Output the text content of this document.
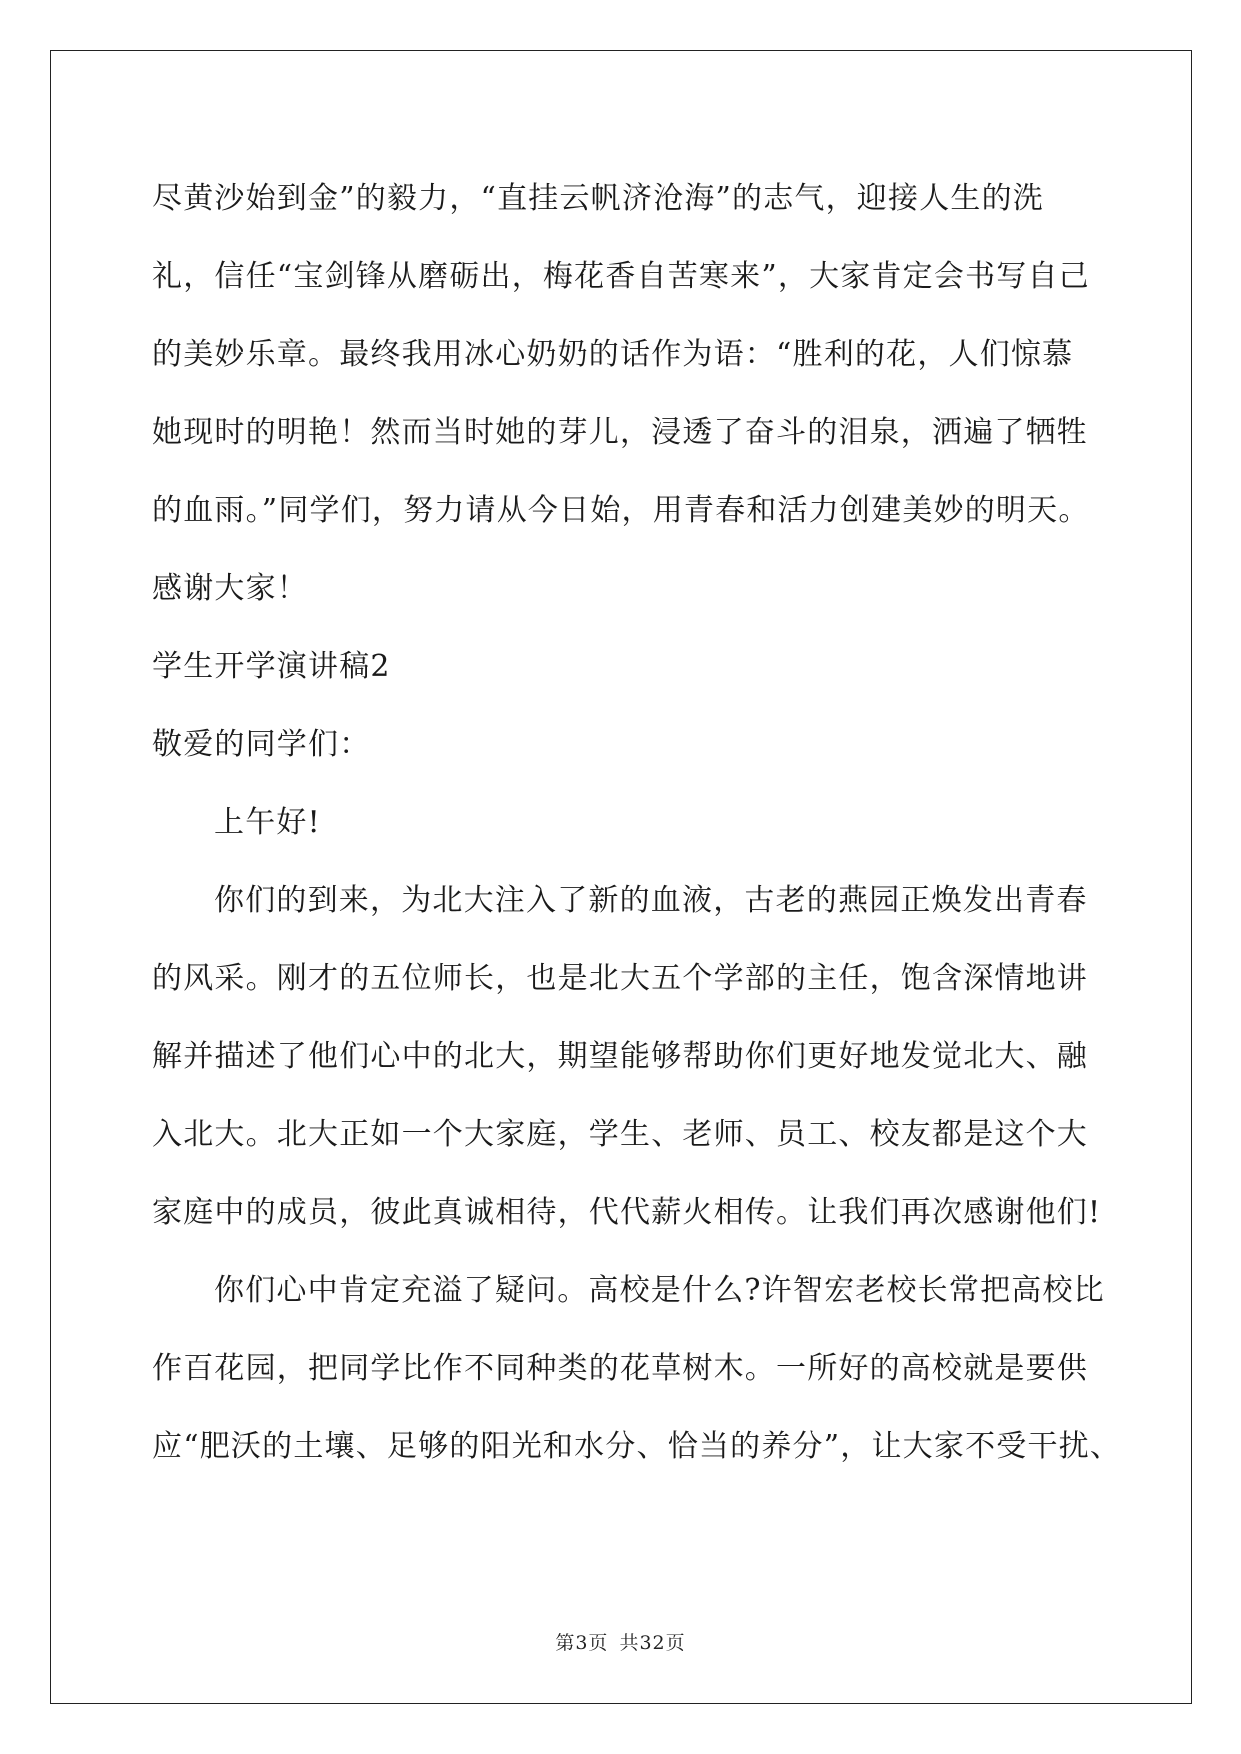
尽黄沙始到金”的毅力，“直挂云帆济沧海”的志气，迎接人生的洗
礼，信任“宝剑锋从磨砺出，梅花香自苦寒来”，大家肯定会书写自己
的美妙乐章。最终我用冰心奶奶的话作为语：“胜利的花，人们惊慕
她现时的明艳！然而当时她的芽儿，浸透了奋斗的泪泉，洒遍了牺牲
的血雨。”同学们，努力请从今日始，用青春和活力创建美妙的明天。
感谢大家！
学生开学演讲稿2
敬爱的同学们：
上午好!
你们的到来，为北大注入了新的血液，古老的燕园正焕发出青春
的风采。刚才的五位师长，也是北大五个学部的主任，饱含深情地讲
解并描述了他们心中的北大，期望能够帮助你们更好地发觉北大、融
入北大。北大正如一个大家庭，学生、老师、员工、校友都是这个大
家庭中的成员，彼此真诚相待，代代薪火相传。让我们再次感谢他们!
你们心中肯定充溢了疑问。高校是什么?许智宏老校长常把高校比
作百花园，把同学比作不同种类的花草树木。一所好的高校就是要供
应“肥沃的土壤、足够的阳光和水分、恰当的养分”，让大家不受干扰、
第3页 共32页
